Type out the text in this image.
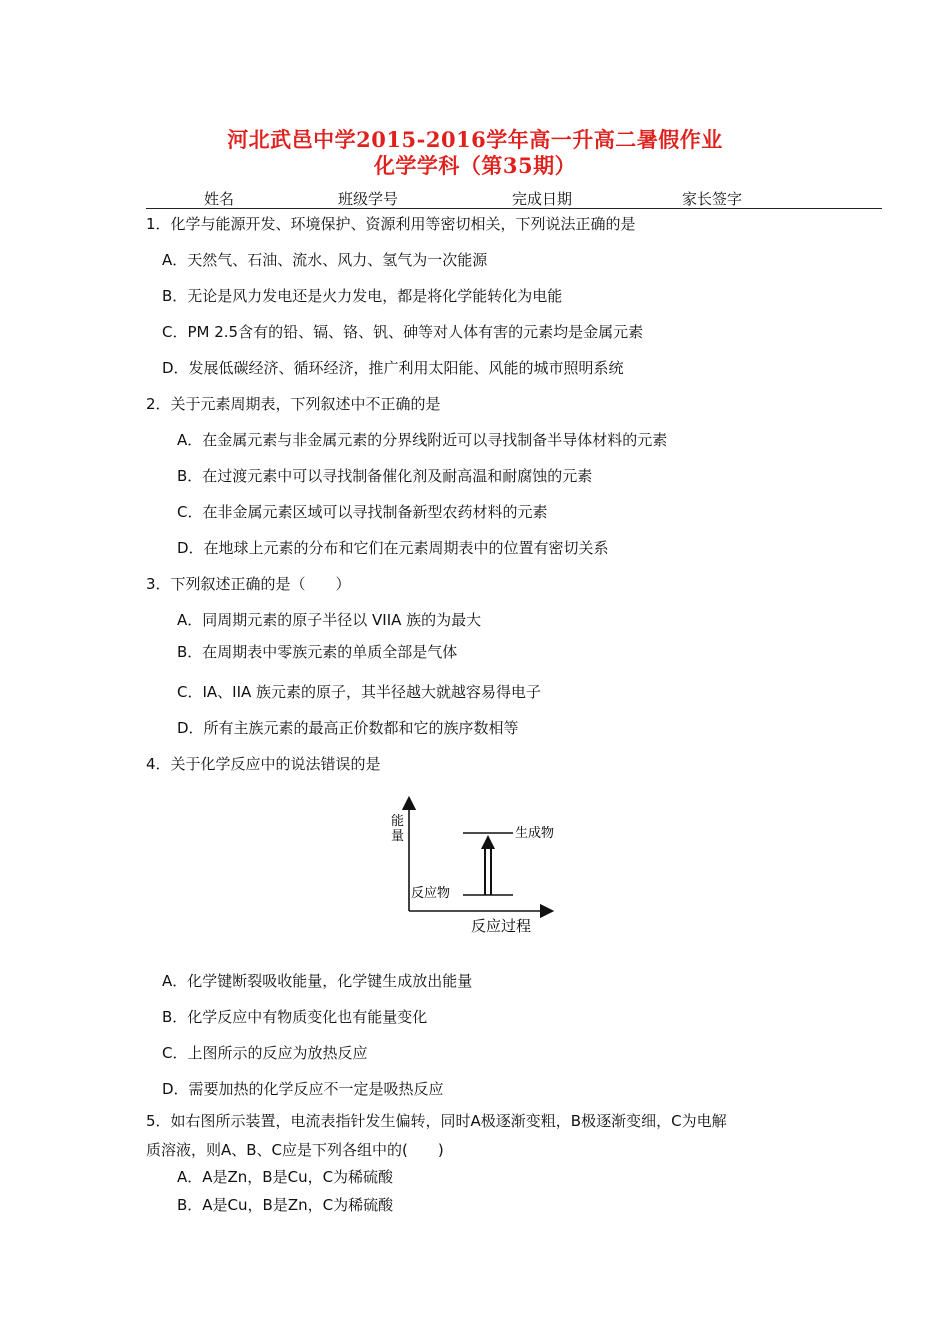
河北武邑中学2015-2016学年高一升高二暑假作业
化学学科（第35期）
姓名	班级学号	完成日期	家长签字
1．化学与能源开发、环境保护、资源利用等密切相关，下列说法正确的是
A．天然气、石油、流水、风力、氢气为一次能源
B．无论是风力发电还是火力发电，都是将化学能转化为电能
C．PM 2.5含有的铅、镉、铬、钒、砷等对人体有害的元素均是金属元素
D．发展低碳经济、循环经济，推广利用太阳能、风能的城市照明系统
2．关于元素周期表，下列叙述中不正确的是
A．在金属元素与非金属元素的分界线附近可以寻找制备半导体材料的元素
B．在过渡元素中可以寻找制备催化剂及耐高温和耐腐蚀的元素
C．在非金属元素区域可以寻找制备新型农药材料的元素
D．在地球上元素的分布和它们在元素周期表中的位置有密切关系
3．下列叙述正确的是（　　）
A．同周期元素的原子半径以 VIIA 族的为最大
B．在周期表中零族元素的单质全部是气体
C．IA、IIA 族元素的原子，其半径越大就越容易得电子
D．所有主族元素的最高正价数都和它的族序数相等
4．关于化学反应中的说法错误的是
能
量	生成物
反应物
反应过程
A．化学键断裂吸收能量，化学键生成放出能量
B．化学反应中有物质变化也有能量变化
C．上图所示的反应为放热反应
D．需要加热的化学反应不一定是吸热反应
5．如右图所示装置，电流表指针发生偏转，同时A极逐渐变粗，B极逐渐变细，C为电解
质溶液，则A、B、C应是下列各组中的(　　)
A．A是Zn，B是Cu，C为稀硫酸
B．A是Cu，B是Zn，C为稀硫酸
